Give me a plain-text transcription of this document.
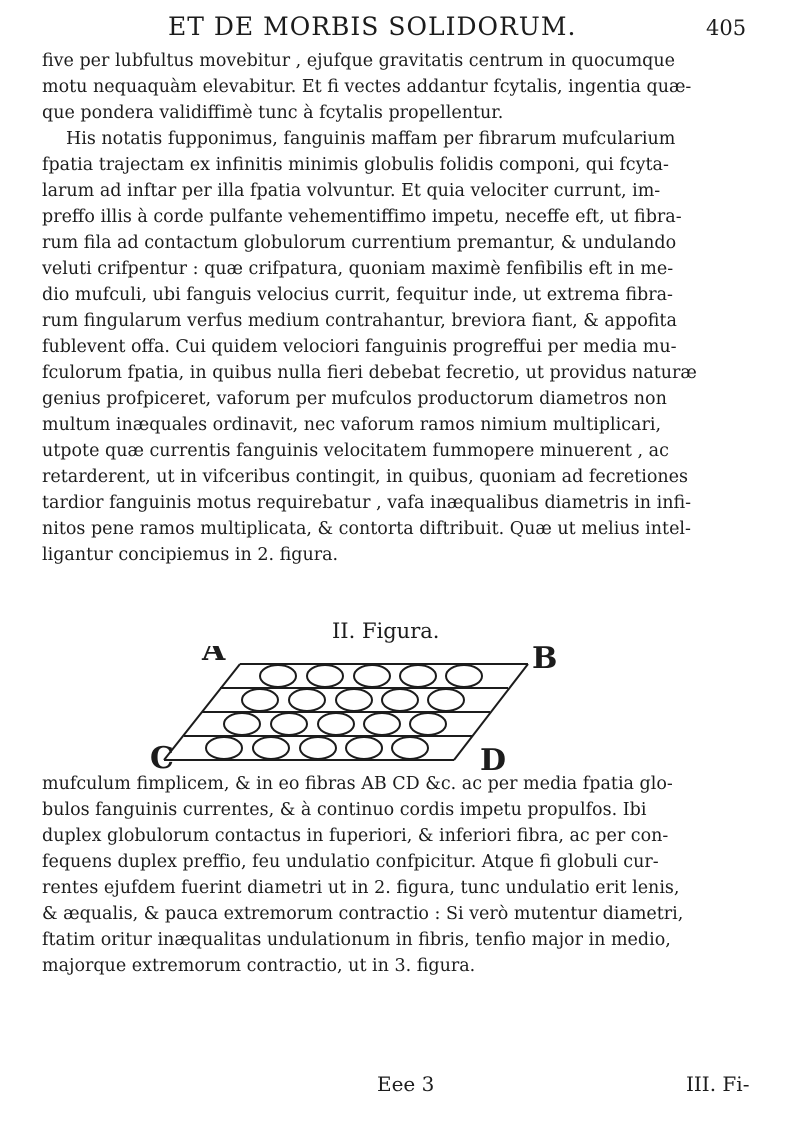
ET DE MORBIS SOLIDORUM.	405
five per lubfultus movebitur , ejufque gravitatis centrum in quocumque
motu nequaquàm elevabitur. Et fi vectes addantur fcytalis, ingentia quæ-
que pondera validiffimè tunc à fcytalis propellentur.
His notatis fupponimus, fanguinis maffam per fibrarum mufcularium
fpatia trajectam ex infinitis minimis globulis folidis componi, qui fcyta-
larum ad inftar per illa fpatia volvuntur. Et quia velociter currunt, im-
preffo illis à corde pulfante vehementiffimo impetu, neceffe eft, ut fibra-
rum fila ad contactum globulorum currentium premantur, & undulando
veluti crifpentur : quæ crifpatura, quoniam maximè fenfibilis eft in me-
dio mufculi, ubi fanguis velocius currit, fequitur inde, ut extrema fibra-
rum fingularum verfus medium contrahantur, breviora fiant, & appofita
fublevent offa. Cui quidem velociori fanguinis progreffui per media mu-
fculorum fpatia, in quibus nulla fieri debebat fecretio, ut providus naturæ
genius profpiceret, vaforum per mufculos productorum diametros non
multum inæquales ordinavit, nec vaforum ramos nimium multiplicari,
utpote quæ currentis fanguinis velocitatem fummopere minuerent , ac
retarderent, ut in vifceribus contingit, in quibus, quoniam ad fecretiones
tardior fanguinis motus requirebatur , vafa inæqualibus diametris in infi-
nitos pene ramos multiplicata, & contorta diftribuit. Quæ ut melius intel-
ligantur concipiemus in 2. figura.
II. Figura.
A	B
C	D
mufculum fimplicem, & in eo fibras AB CD &c. ac per media fpatia glo-
bulos fanguinis currentes, & à continuo cordis impetu propulfos. Ibi
duplex globulorum contactus in fuperiori, & inferiori fibra, ac per con-
fequens duplex preffio, feu undulatio confpicitur. Atque fi globuli cur-
rentes ejufdem fuerint diametri ut in 2. figura, tunc undulatio erit lenis,
& æqualis, & pauca extremorum contractio : Si verò mutentur diametri,
ftatim oritur inæqualitas undulationum in fibris, tenfio major in medio,
majorque extremorum contractio, ut in 3. figura.
Eee 3	III. Fi-
